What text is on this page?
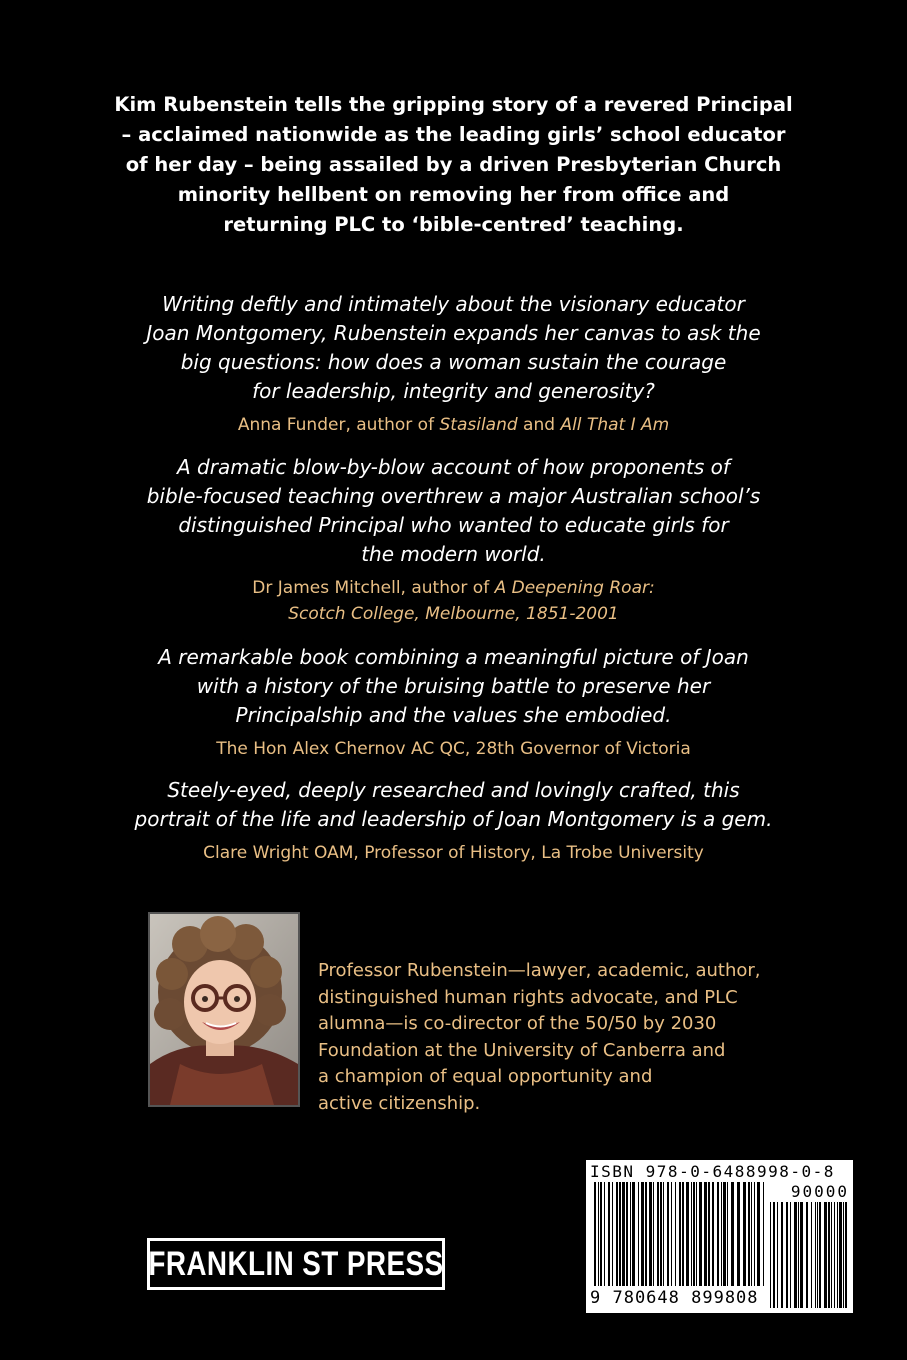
Kim Rubenstein tells the gripping story of a revered Principal
– acclaimed nationwide as the leading girls’ school educator
of her day – being assailed by a driven Presbyterian Church
minority hellbent on removing her from office and
returning PLC to ‘bible-centred’ teaching.
Writing deftly and intimately about the visionary educator
Joan Montgomery, Rubenstein expands her canvas to ask the
big questions: how does a woman sustain the courage
for leadership, integrity and generosity?
Anna Funder, author of Stasiland and All That I Am
A dramatic blow-by-blow account of how proponents of
bible-focused teaching overthrew a major Australian school’s
distinguished Principal who wanted to educate girls for
the modern world.
Dr James Mitchell, author of A Deepening Roar:
Scotch College, Melbourne, 1851-2001
A remarkable book combining a meaningful picture of Joan
with a history of the bruising battle to preserve her
Principalship and the values she embodied.
The Hon Alex Chernov AC QC, 28th Governor of Victoria
Steely-eyed, deeply researched and lovingly crafted, this
portrait of the life and leadership of Joan Montgomery is a gem.
Clare Wright OAM, Professor of History, La Trobe University
Professor Rubenstein—lawyer, academic, author,
distinguished human rights advocate, and PLC
alumna—is co-director of the 50/50 by 2030
Foundation at the University of Canberra and
a champion of equal opportunity and
active citizenship.
FRANKLIN ST PRESS
ISBN 978-0-6488998-0-8
90000
9 780648 899808
